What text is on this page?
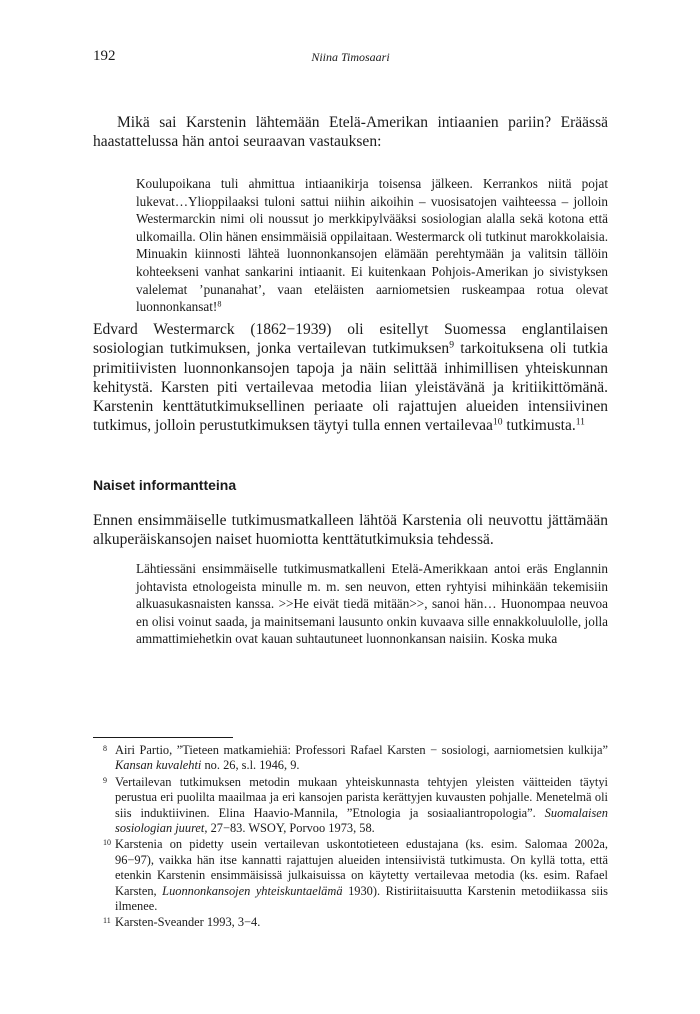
192	Niina Timosaari

Mikä sai Karstenin lähtemään Etelä-Amerikan intiaanien pariin? Eräässä haastattelussa hän antoi seuraavan vastauksen:

Koulupoikana tuli ahmittua intiaanikirja toisensa jälkeen. Kerrankos niitä pojat lukevat…Ylioppilaaksi tuloni sattui niihin aikoihin – vuosisatojen vaihteessa – jolloin Westermarckin nimi oli noussut jo merkkipylvääksi sosiologian alalla sekä kotona että ulkomailla. Olin hänen ensimmäisiä oppilaitaan. Westermarck oli tutkinut marokkolaisia. Minuakin kiinnosti lähteä luonnonkansojen elämään perehtymään ja valitsin tällöin kohteekseni vanhat sankarini intiaanit. Ei kuitenkaan Pohjois-Amerikan jo sivistyksen valelemat ’punanahat’, vaan eteläisten aarniometsien ruskeampaa rotua olevat luonnonkansat!$^8$

Edvard Westermarck (1862−1939) oli esitellyt Suomessa englantilaisen sosiologian tutkimuksen, jonka vertailevan tutkimuksen$^9$ tarkoituksena oli tutkia primitiivisten luonnonkansojen tapoja ja näin selittää inhimillisen yhteiskunnan kehitystä. Karsten piti vertailevaa metodia liian yleistävänä ja kritiikittömänä. Karstenin kenttätutkimuksellinen periaate oli rajattujen alueiden intensiivinen tutkimus, jolloin perustutkimuksen täytyi tulla ennen vertailevaa$^{10}$ tutkimusta.$^{11}$

Naiset informantteina

Ennen ensimmäiselle tutkimusmatkalleen lähtöä Karstenia oli neuvottu jättämään alkuperäiskansojen naiset huomiotta kenttätutkimuksia tehdessä.

Lähtiessäni ensimmäiselle tutkimusmatkalleni Etelä-Amerikkaan antoi eräs Englannin johtavista etnologeista minulle m. m. sen neuvon, etten ryhtyisi mihinkään tekemisiin alkuasukasnaisten kanssa. >>He eivät tiedä mitään>>, sanoi hän… Huonompaa neuvoa en olisi voinut saada, ja mainitsemani lausunto onkin kuvaava sille ennakkoluulolle, jolla ammattimiehetkin ovat kauan suhtautuneet luonnonkansan naisiin. Koska muka

8 Airi Partio, ”Tieteen matkamiehiä: Professori Rafael Karsten − sosiologi, aarniometsien kulkija” Kansan kuvalehti no. 26, s.l. 1946, 9.
9 Vertailevan tutkimuksen metodin mukaan yhteiskunnasta tehtyjen yleisten väitteiden täytyi perustua eri puolilta maailmaa ja eri kansojen parista kerättyjen kuvausten pohjalle. Menetelmä oli siis induktiivinen. Elina Haavio-Mannila, ”Etnologia ja sosiaaliantropologia”. Suomalaisen sosiologian juuret, 27−83. WSOY, Porvoo 1973, 58.
10 Karstenia on pidetty usein vertailevan uskontotieteen edustajana (ks. esim. Salomaa 2002a, 96−97), vaikka hän itse kannatti rajattujen alueiden intensiivistä tutkimusta. On kyllä totta, että etenkin Karstenin ensimmäisissä julkaisuissa on käytetty vertailevaa metodia (ks. esim. Rafael Karsten, Luonnonkansojen yhteiskuntaelämä 1930). Ristiriitaisuutta Karstenin metodiikassa siis ilmenee.
11 Karsten-Sveander 1993, 3−4.
